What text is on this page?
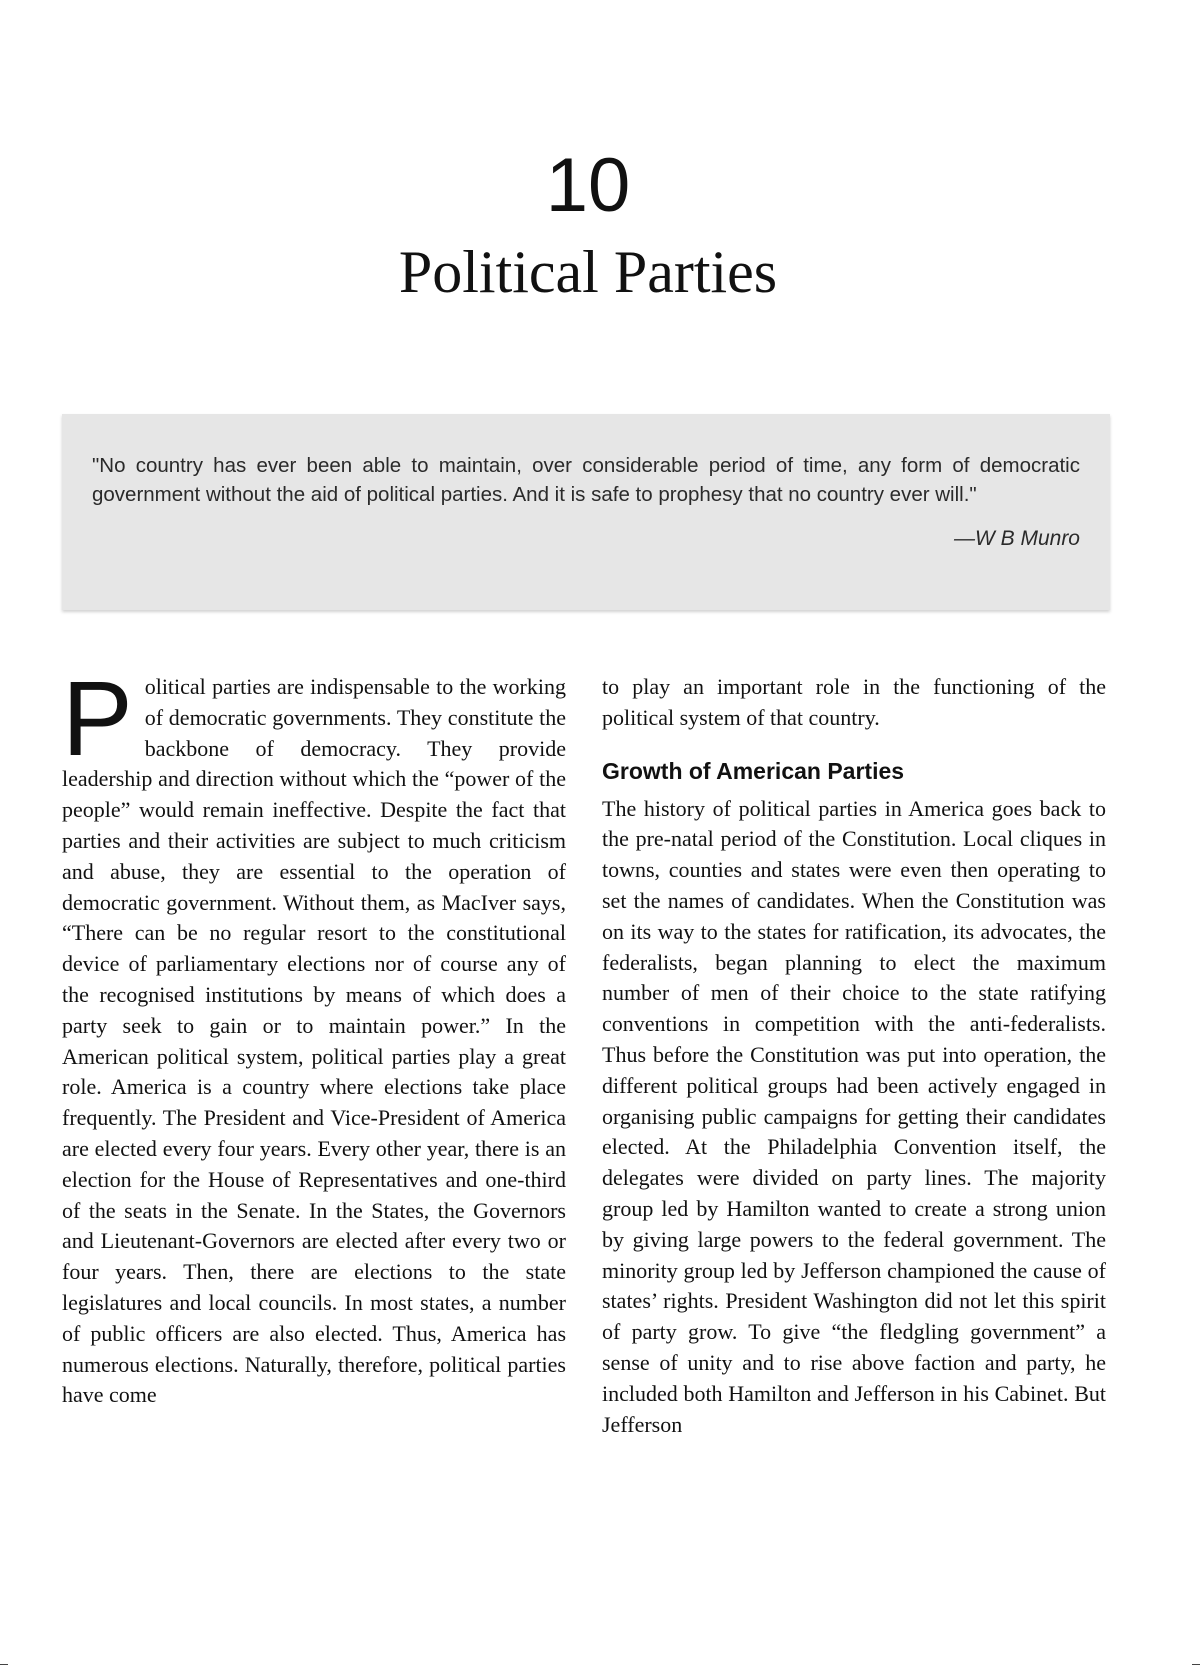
10
Political Parties

"No country has ever been able to maintain, over considerable period of time, any form of democratic government without the aid of political parties. And it is safe to prophesy that no country ever will."

—W B Munro

Political parties are indispensable to the working of democratic governments. They constitute the backbone of democracy. They provide leadership and direction without which the “power of the people” would remain ineffective. Despite the fact that parties and their activities are subject to much criticism and abuse, they are essential to the operation of democratic government. Without them, as MacIver says, “There can be no regular resort to the constitutional device of parliamentary elections nor of course any of the recognised institutions by means of which does a party seek to gain or to maintain power.” In the American political system, political parties play a great role. America is a country where elections take place frequently. The President and Vice-President of America are elected every four years. Every other year, there is an election for the House of Representatives and one-third of the seats in the Senate. In the States, the Governors and Lieutenant-Governors are elected after every two or four years. Then, there are elections to the state legislatures and local councils. In most states, a number of public officers are also elected. Thus, America has numerous elections. Naturally, therefore, political parties have come

to play an important role in the functioning of the political system of that country.

Growth of American Parties

The history of political parties in America goes back to the pre-natal period of the Constitution. Local cliques in towns, counties and states were even then operating to set the names of candidates. When the Constitution was on its way to the states for ratification, its advocates, the federalists, began planning to elect the maximum number of men of their choice to the state ratifying conventions in competition with the anti-federalists. Thus before the Constitution was put into operation, the different political groups had been actively engaged in organising public campaigns for getting their candidates elected. At the Philadelphia Convention itself, the delegates were divided on party lines. The majority group led by Hamilton wanted to create a strong union by giving large powers to the federal government. The minority group led by Jefferson championed the cause of states’ rights. President Washington did not let this spirit of party grow. To give “the fledgling government” a sense of unity and to rise above faction and party, he included both Hamilton and Jefferson in his Cabinet. But Jefferson
